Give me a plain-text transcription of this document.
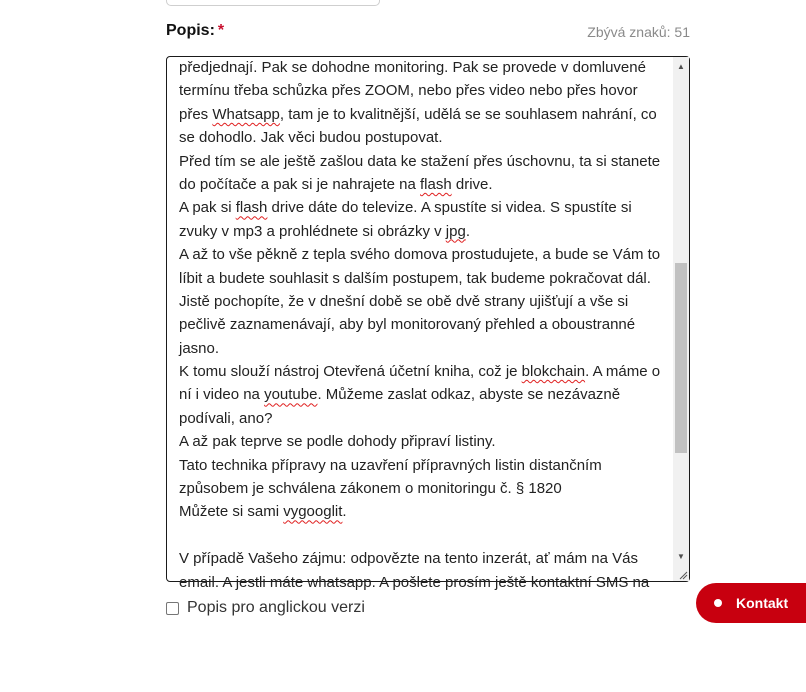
Popis: *	Zbývá znaků: 51
předjednají. Pak se dohodne monitoring. Pak se provede v domluvené
termínu třeba schůzka přes ZOOM, nebo přes video nebo přes hovor
přes Whatsapp, tam je to kvalitnější, udělá se se souhlasem nahrání, co
se dohodlo. Jak věci budou postupovat.
Před tím se ale ještě zašlou data ke stažení přes úschovnu, ta si stanete
do počítače a pak si je nahrajete na flash drive.
A pak si flash drive dáte do televize. A spustíte si videa. S spustíte si
zvuky v mp3 a prohlédnete si obrázky v jpg.
A až to vše pěkně z tepla svého domova prostudujete, a bude se Vám to
líbit a budete souhlasit s dalším postupem, tak budeme pokračovat dál.
Jistě pochopíte, že v dnešní době se obě dvě strany ujišťují a vše si
pečlivě zaznamenávají, aby byl monitorovaný přehled a oboustranné
jasno.
K tomu slouží nástroj Otevřená účetní kniha, což je blokchain. A máme o
ní i video na youtube. Můžeme zaslat odkaz, abyste se nezávazně
podívali, ano?
A až pak teprve se podle dohody připraví listiny.
Tato technika přípravy na uzavření přípravných listin distančním
způsobem je schválena zákonem o monitoringu č. § 1820
Můžete si sami vygooglit.

V případě Vašeho zájmu: odpovězte na tento inzerát, ať mám na Vás
email. A jestli máte whatsapp. A pošlete prosím ještě kontaktní SMS na
▲
▼
Popis pro anglickou verzi	Kontakt
